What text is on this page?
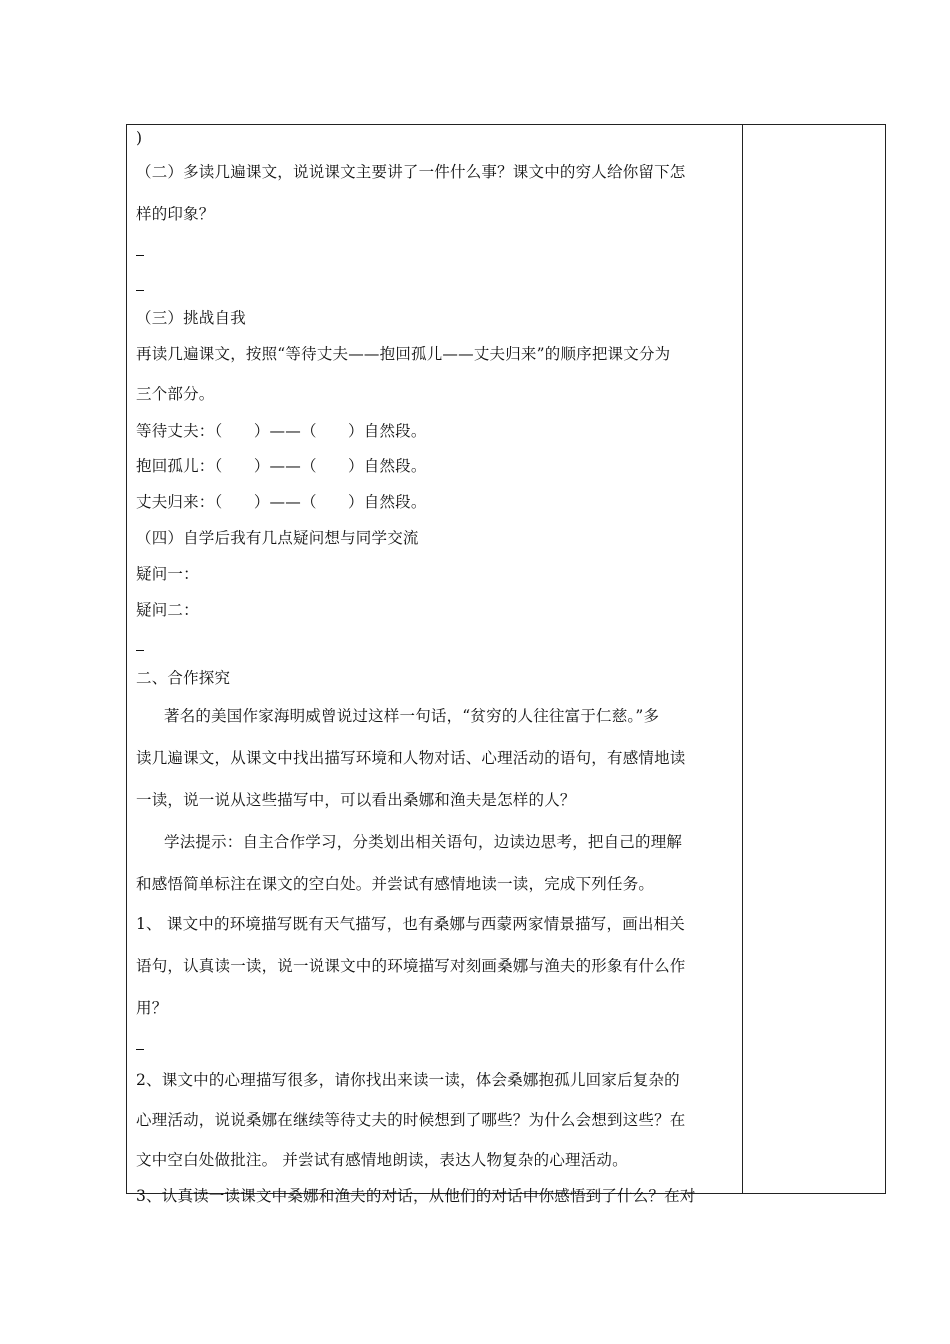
)
（二）多读几遍课文，说说课文主要讲了一件什么事？课文中的穷人给你留下怎
样的印象？
（三）挑战自我
再读几遍课文，按照“等待丈夫——抱回孤儿——丈夫归来”的顺序把课文分为
三个部分。
等待丈夫：（　　）——（　　）自然段。
抱回孤儿：（　　）——（　　）自然段。
丈夫归来：（　　）——（　　）自然段。
（四）自学后我有几点疑问想与同学交流
疑问一：
疑问二：
二、合作探究
著名的美国作家海明威曾说过这样一句话，“贫穷的人往往富于仁慈。”多
读几遍课文，从课文中找出描写环境和人物对话、心理活动的语句，有感情地读
一读，说一说从这些描写中，可以看出桑娜和渔夫是怎样的人？
学法提示：自主合作学习，分类划出相关语句，边读边思考，把自己的理解
和感悟简单标注在课文的空白处。并尝试有感情地读一读，完成下列任务。
1、 课文中的环境描写既有天气描写，也有桑娜与西蒙两家情景描写，画出相关
语句，认真读一读，说一说课文中的环境描写对刻画桑娜与渔夫的形象有什么作
用？
2、课文中的心理描写很多，请你找出来读一读，体会桑娜抱孤儿回家后复杂的
心理活动，说说桑娜在继续等待丈夫的时候想到了哪些？为什么会想到这些？在
文中空白处做批注。 并尝试有感情地朗读，表达人物复杂的心理活动。
3、认真读一读课文中桑娜和渔夫的对话，从他们的对话中你感悟到了什么？在对
